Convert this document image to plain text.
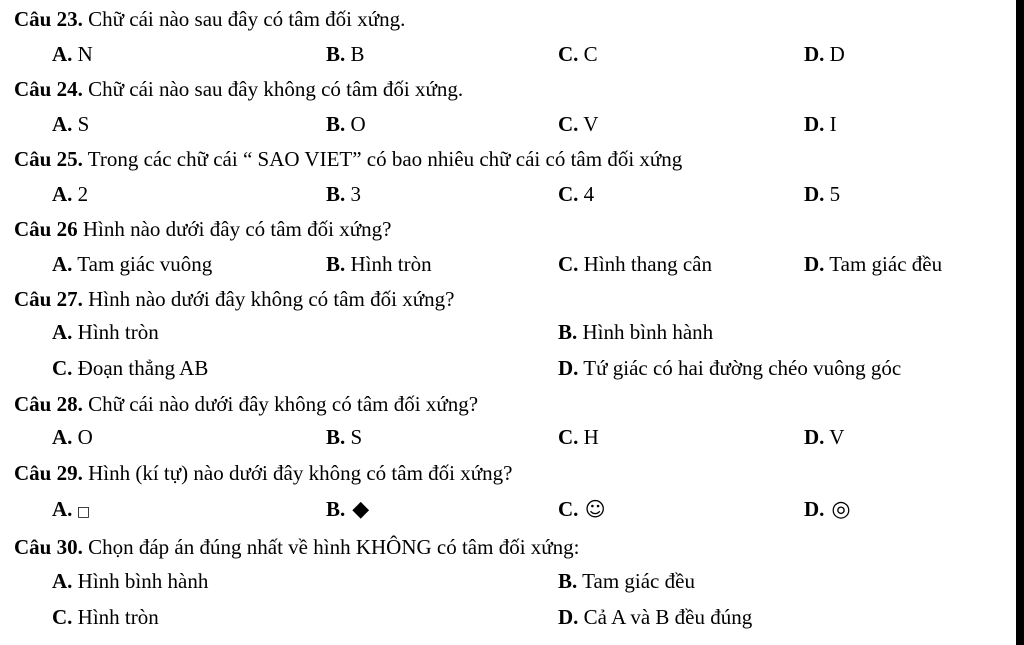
Câu 23. Chữ cái nào sau đây có tâm đối xứng.
A. N	B. B	C. C	D. D
Câu 24. Chữ cái nào sau đây không có tâm đối xứng.
A. S	B. O	C. V	D. I
Câu 25. Trong các chữ cái “ SAO VIET” có bao nhiêu chữ cái có tâm đối xứng
A. 2	B. 3	C. 4	D. 5
Câu 26 Hình nào dưới đây có tâm đối xứng?
A. Tam giác vuông	B. Hình tròn	C. Hình thang cân	D. Tam giác đều
Câu 27. Hình nào dưới đây không có tâm đối xứng?
A. Hình tròn	B. Hình bình hành
C. Đoạn thẳng AB	D. Tứ giác có hai đường chéo vuông góc
Câu 28. Chữ cái nào dưới đây không có tâm đối xứng?
A. O	B. S	C. H	D. V
Câu 29. Hình (kí tự) nào dưới đây không có tâm đối xứng?
A. □	B. ◆	C. ☺	D. ◎
Câu 30. Chọn đáp án đúng nhất về hình KHÔNG có tâm đối xứng:
A. Hình bình hành	B. Tam giác đều
C. Hình tròn	D. Cả A và B đều đúng
